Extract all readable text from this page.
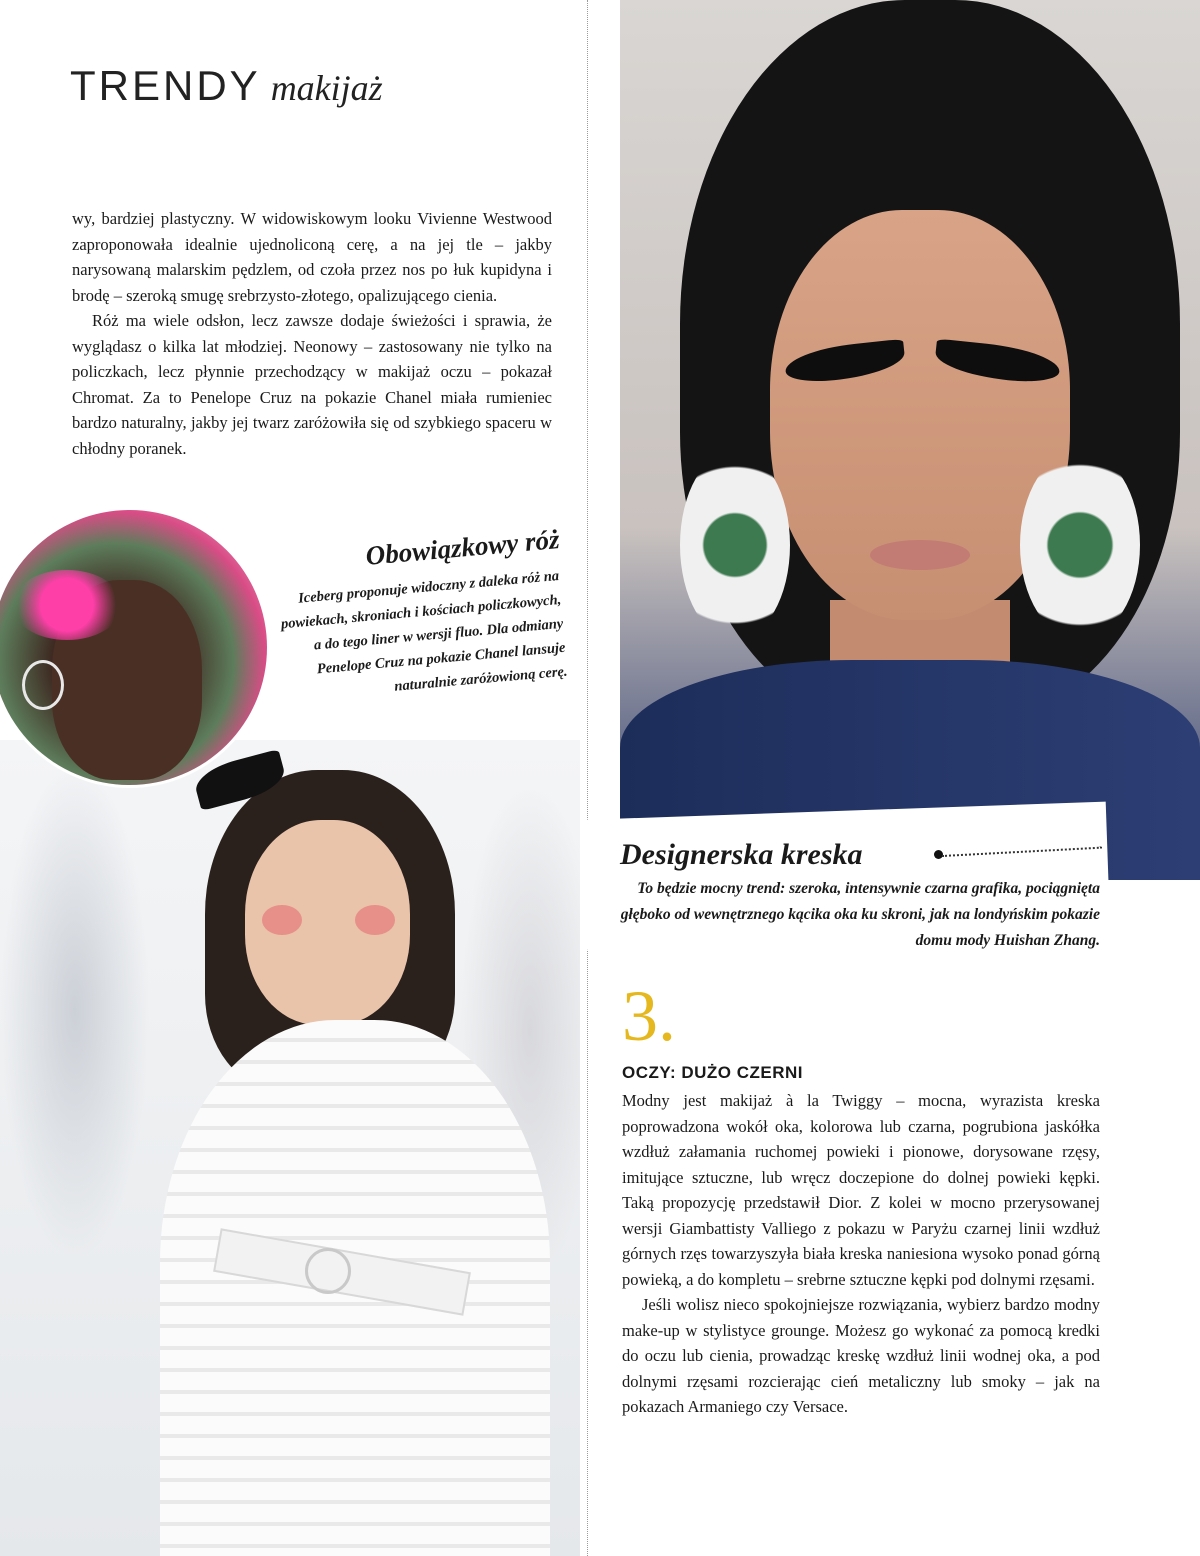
TRENDY makijaż

wy, bardziej plastyczny. W widowiskowym looku Vivienne Westwood zaproponowała idealnie ujednoliconą cerę, a na jej tle – jakby narysowaną malarskim pędzlem, od czoła przez nos po łuk kupidyna i brodę – szeroką smugę srebrzysto-złotego, opalizującego cienia.

Róż ma wiele odsłon, lecz zawsze dodaje świeżości i sprawia, że wyglądasz o kilka lat młodziej. Neonowy – zastosowany nie tylko na policzkach, lecz płynnie przechodzący w makijaż oczu – pokazał Chromat. Za to Penelope Cruz na pokazie Chanel miała rumieniec bardzo naturalny, jakby jej twarz zaróżowiła się od szybkiego spaceru w chłodny poranek.

Obowiązkowy róż
Iceberg proponuje widoczny z daleka róż na powiekach, skroniach i kościach policzkowych, a do tego liner w wersji fluo. Dla odmiany Penelope Cruz na pokazie Chanel lansuje naturalnie zaróżowioną cerę.
Designerska kreska
To będzie mocny trend: szeroka, intensywnie czarna grafika, pociągnięta głęboko od wewnętrznego kącika oka ku skroni, jak na londyńskim pokazie domu mody Huishan Zhang.
3.
OCZY: DUŻO CZERNI

Modny jest makijaż à la Twiggy – mocna, wyrazista kreska poprowadzona wokół oka, kolorowa lub czarna, pogrubiona jaskółka wzdłuż załamania ruchomej powieki i pionowe, dorysowane rzęsy, imitujące sztuczne, lub wręcz doczepione do dolnej powieki kępki. Taką propozycję przedstawił Dior. Z kolei w mocno przerysowanej wersji Giambattisty Valliego z pokazu w Paryżu czarnej linii wzdłuż górnych rzęs towarzyszyła biała kreska naniesiona wysoko ponad górną powieką, a do kompletu – srebrne sztuczne kępki pod dolnymi rzęsami.

Jeśli wolisz nieco spokojniejsze rozwiązania, wybierz bardzo modny make-up w stylistyce grounge. Możesz go wykonać za pomocą kredki do oczu lub cienia, prowadząc kreskę wzdłuż linii wodnej oka, a pod dolnymi rzęsami rozcierając cień metaliczny lub smoky – jak na pokazach Armaniego czy Versace.
